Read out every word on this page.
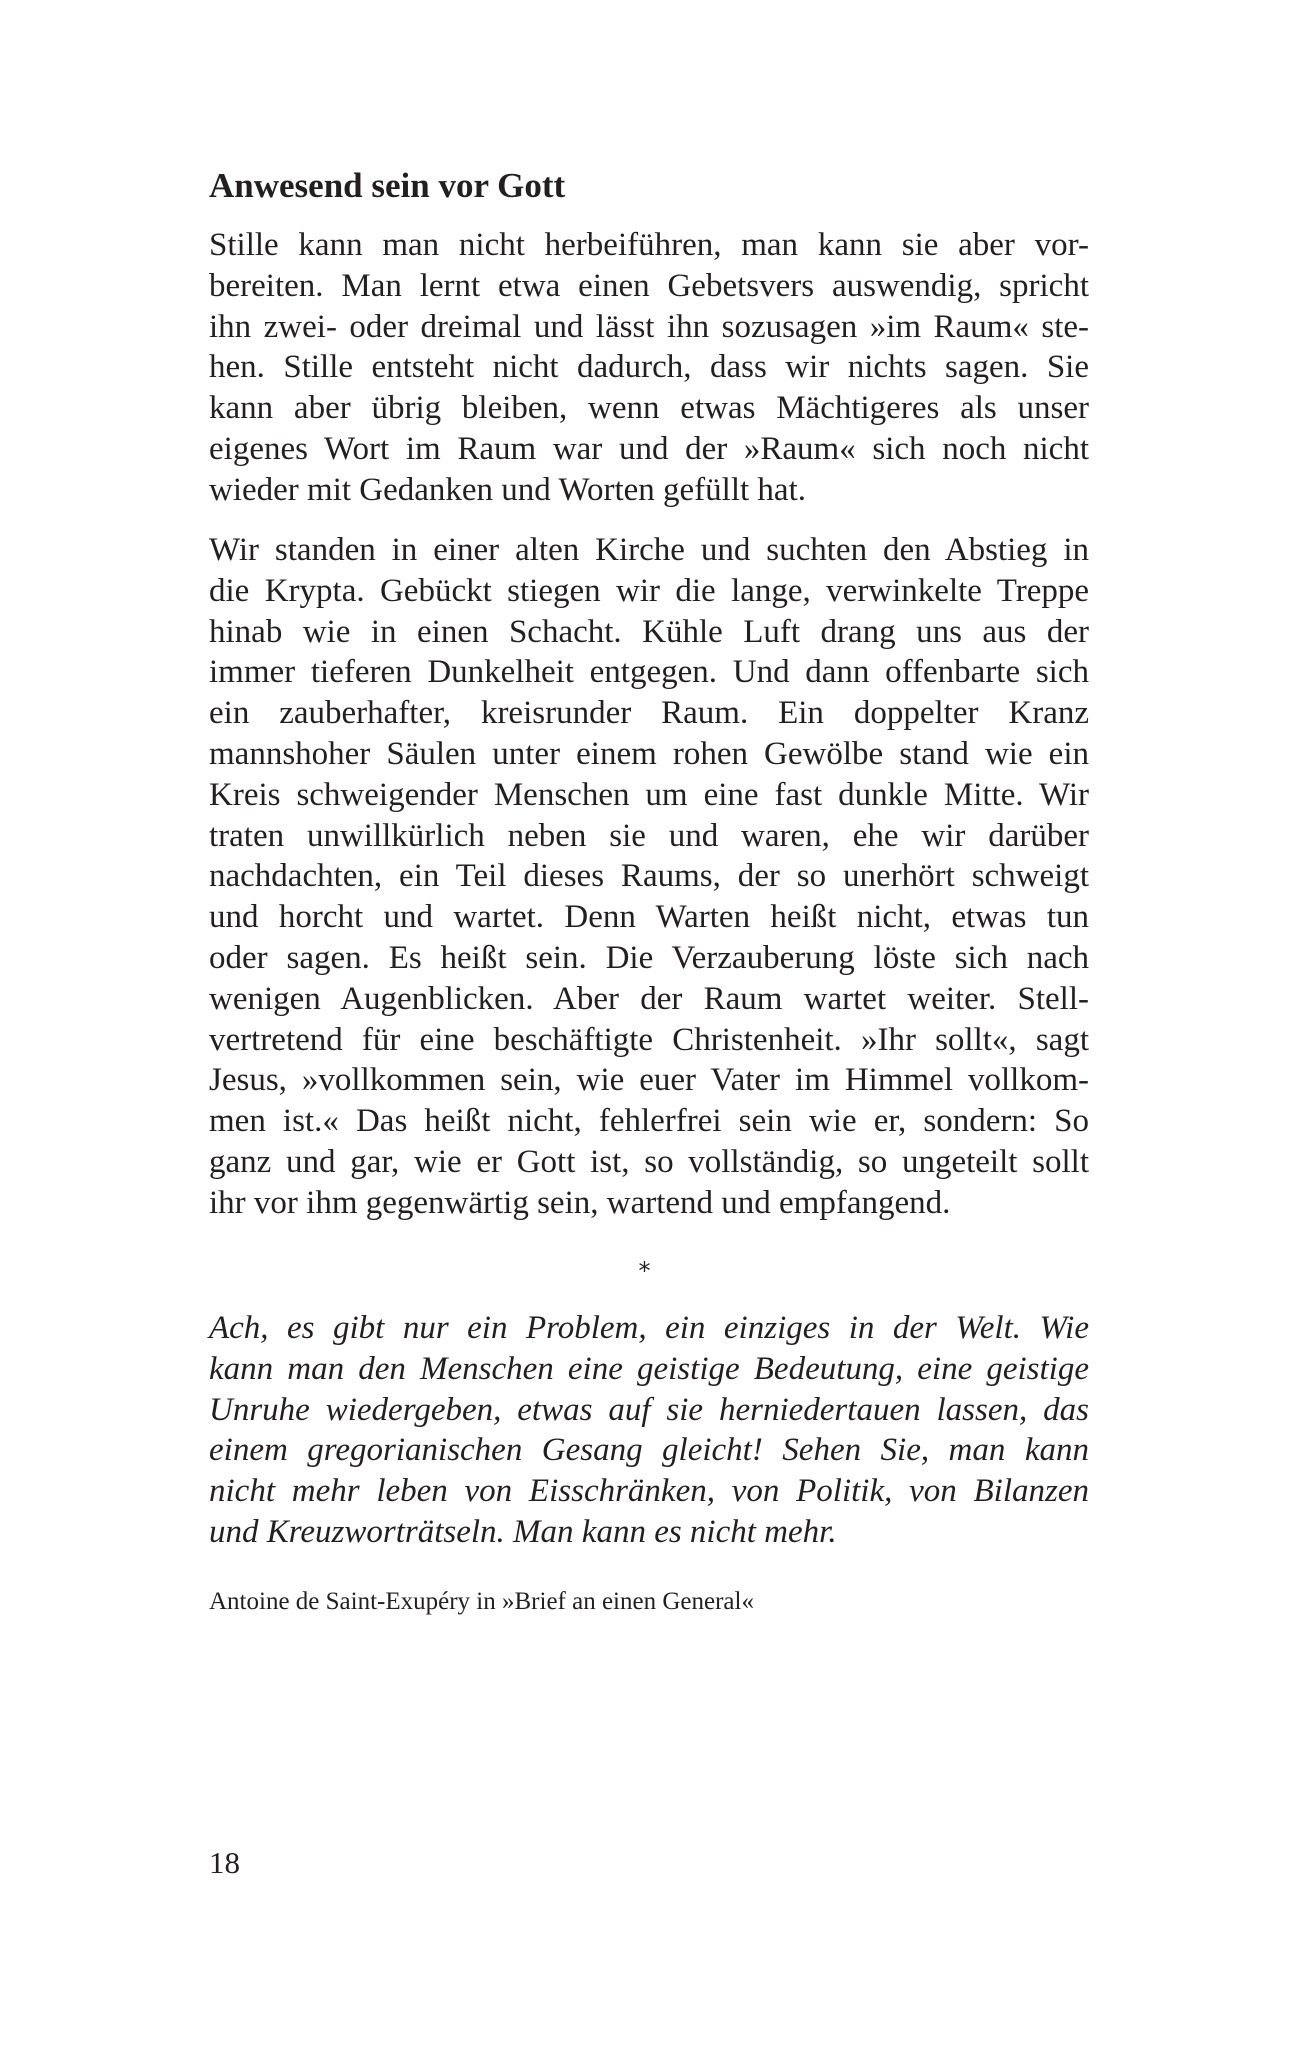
Anwesend sein vor Gott
Stille kann man nicht herbeiführen, man kann sie aber vor-
bereiten. Man lernt etwa einen Gebetsvers auswendig, spricht
ihn zwei- oder dreimal und lässt ihn sozusagen »im Raum« ste-
hen. Stille entsteht nicht dadurch, dass wir nichts sagen. Sie
kann aber übrig bleiben, wenn etwas Mächtigeres als unser
eigenes Wort im Raum war und der »Raum« sich noch nicht
wieder mit Gedanken und Worten gefüllt hat.
Wir standen in einer alten Kirche und suchten den Abstieg in
die Krypta. Gebückt stiegen wir die lange, verwinkelte Treppe
hinab wie in einen Schacht. Kühle Luft drang uns aus der
immer tieferen Dunkelheit entgegen. Und dann offenbarte sich
ein zauberhafter, kreisrunder Raum. Ein doppelter Kranz
mannshoher Säulen unter einem rohen Gewölbe stand wie ein
Kreis schweigender Menschen um eine fast dunkle Mitte. Wir
traten unwillkürlich neben sie und waren, ehe wir darüber
nachdachten, ein Teil dieses Raums, der so unerhört schweigt
und horcht und wartet. Denn Warten heißt nicht, etwas tun
oder sagen. Es heißt sein. Die Verzauberung löste sich nach
wenigen Augenblicken. Aber der Raum wartet weiter. Stell-
vertretend für eine beschäftigte Christenheit. »Ihr sollt«, sagt
Jesus, »vollkommen sein, wie euer Vater im Himmel vollkom-
men ist.« Das heißt nicht, fehlerfrei sein wie er, sondern: So
ganz und gar, wie er Gott ist, so vollständig, so ungeteilt sollt
ihr vor ihm gegenwärtig sein, wartend und empfangend.
*
Ach, es gibt nur ein Problem, ein einziges in der Welt. Wie
kann man den Menschen eine geistige Bedeutung, eine geistige
Unruhe wiedergeben, etwas auf sie herniedertauen lassen, das
einem gregorianischen Gesang gleicht! Sehen Sie, man kann
nicht mehr leben von Eisschränken, von Politik, von Bilanzen
und Kreuzworträtseln. Man kann es nicht mehr.
Antoine de Saint-Exupéry in »Brief an einen General«
18
